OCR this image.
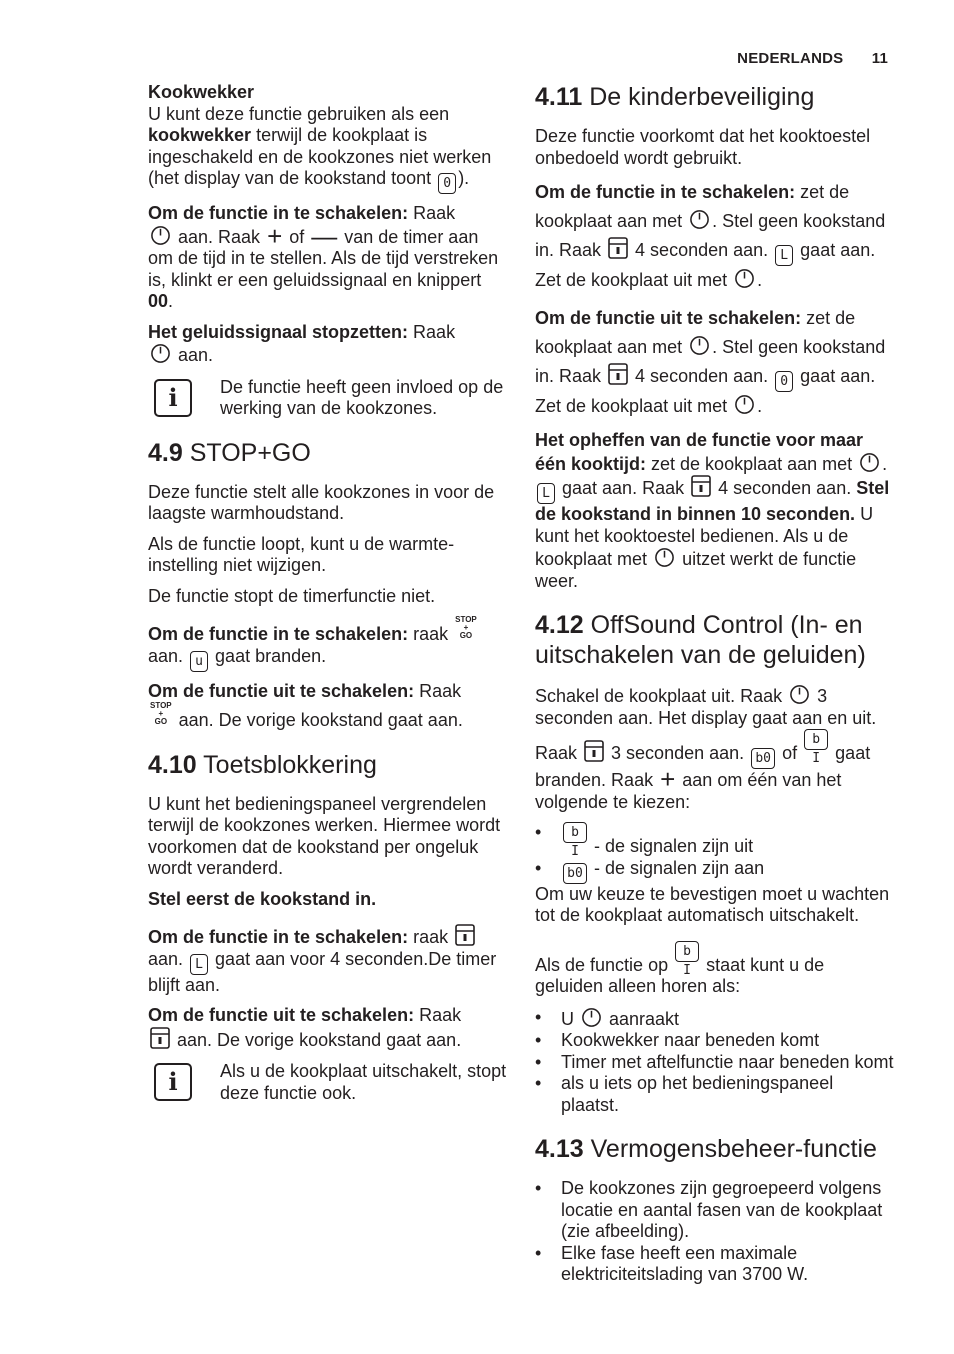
NEDERLANDS 11

Kookwekker
U kunt deze functie gebruiken als een kookwekker terwijl de kookplaat is ingeschakeld en de kookzones niet werken (het display van de kookstand toont 0 ).

Om de functie in te schakelen: Raak
aan. Raak + of — van de timer aan om de tijd in te stellen. Als de tijd verstreken is, klinkt er een geluidssignaal en knippert 00.

Het geluidssignaal stopzetten: Raak
aan.

i	De functie heeft geen invloed op de werking van de kookzones.
4.9 STOP+GO

Deze functie stelt alle kookzones in voor de laagste warmhoudstand.

Als de functie loopt, kunt u de warmte-instelling niet wijzigen.

De functie stopt de timerfunctie niet.

Om de functie in te schakelen: raak STOP
+
GO
aan. u gaat branden.

Om de functie uit te schakelen: Raak
STOP
+
GO aan. De vorige kookstand gaat aan.

4.10 Toetsblokkering

U kunt het bedieningspaneel vergrendelen terwijl de kookzones werken. Hiermee wordt voorkomen dat de kookstand per ongeluk wordt veranderd.

Stel eerst de kookstand in.

Om de functie in te schakelen: raak
aan. L gaat aan voor 4 seconden.De timer blijft aan.

Om de functie uit te schakelen: Raak
aan. De vorige kookstand gaat aan.

i	Als u de kookplaat uitschakelt, stopt deze functie ook.
4.11 De kinderbeveiliging

Deze functie voorkomt dat het kooktoestel onbedoeld wordt gebruikt.

Om de functie in te schakelen: zet de kookplaat aan met . Stel geen kookstand in. Raak  4 seconden aan. L gaat aan. Zet de kookplaat uit met .

Om de functie uit te schakelen: zet de kookplaat aan met . Stel geen kookstand in. Raak  4 seconden aan. 0 gaat aan. Zet de kookplaat uit met .

Het opheffen van de functie voor maar één kooktijd: zet de kookplaat aan met . L gaat aan. Raak  4 seconden aan. Stel de kookstand in binnen 10 seconden. U kunt het kooktoestel bedienen. Als u de kookplaat met  uitzet werkt de functie weer.

4.12 OffSound Control (In- en uitschakelen van de geluiden)

Schakel de kookplaat uit. Raak  3 seconden aan. Het display gaat aan en uit. Raak  3 seconden aan. b0 of b I gaat branden. Raak + aan om één van het volgende te kiezen:

• b I - de signalen zijn uit
• b0 - de signalen zijn aan

Om uw keuze te bevestigen moet u wachten tot de kookplaat automatisch uitschakelt.

Als de functie op b I staat kunt u de geluiden alleen horen als:

• U  aanraakt
• Kookwekker naar beneden komt
• Timer met aftelfunctie naar beneden komt
• als u iets op het bedieningspaneel plaatst.
4.13 Vermogensbeheer-functie
• De kookzones zijn gegroepeerd volgens locatie en aantal fasen van de kookplaat (zie afbeelding).
• Elke fase heeft een maximale elektriciteitslading van 3700 W.
